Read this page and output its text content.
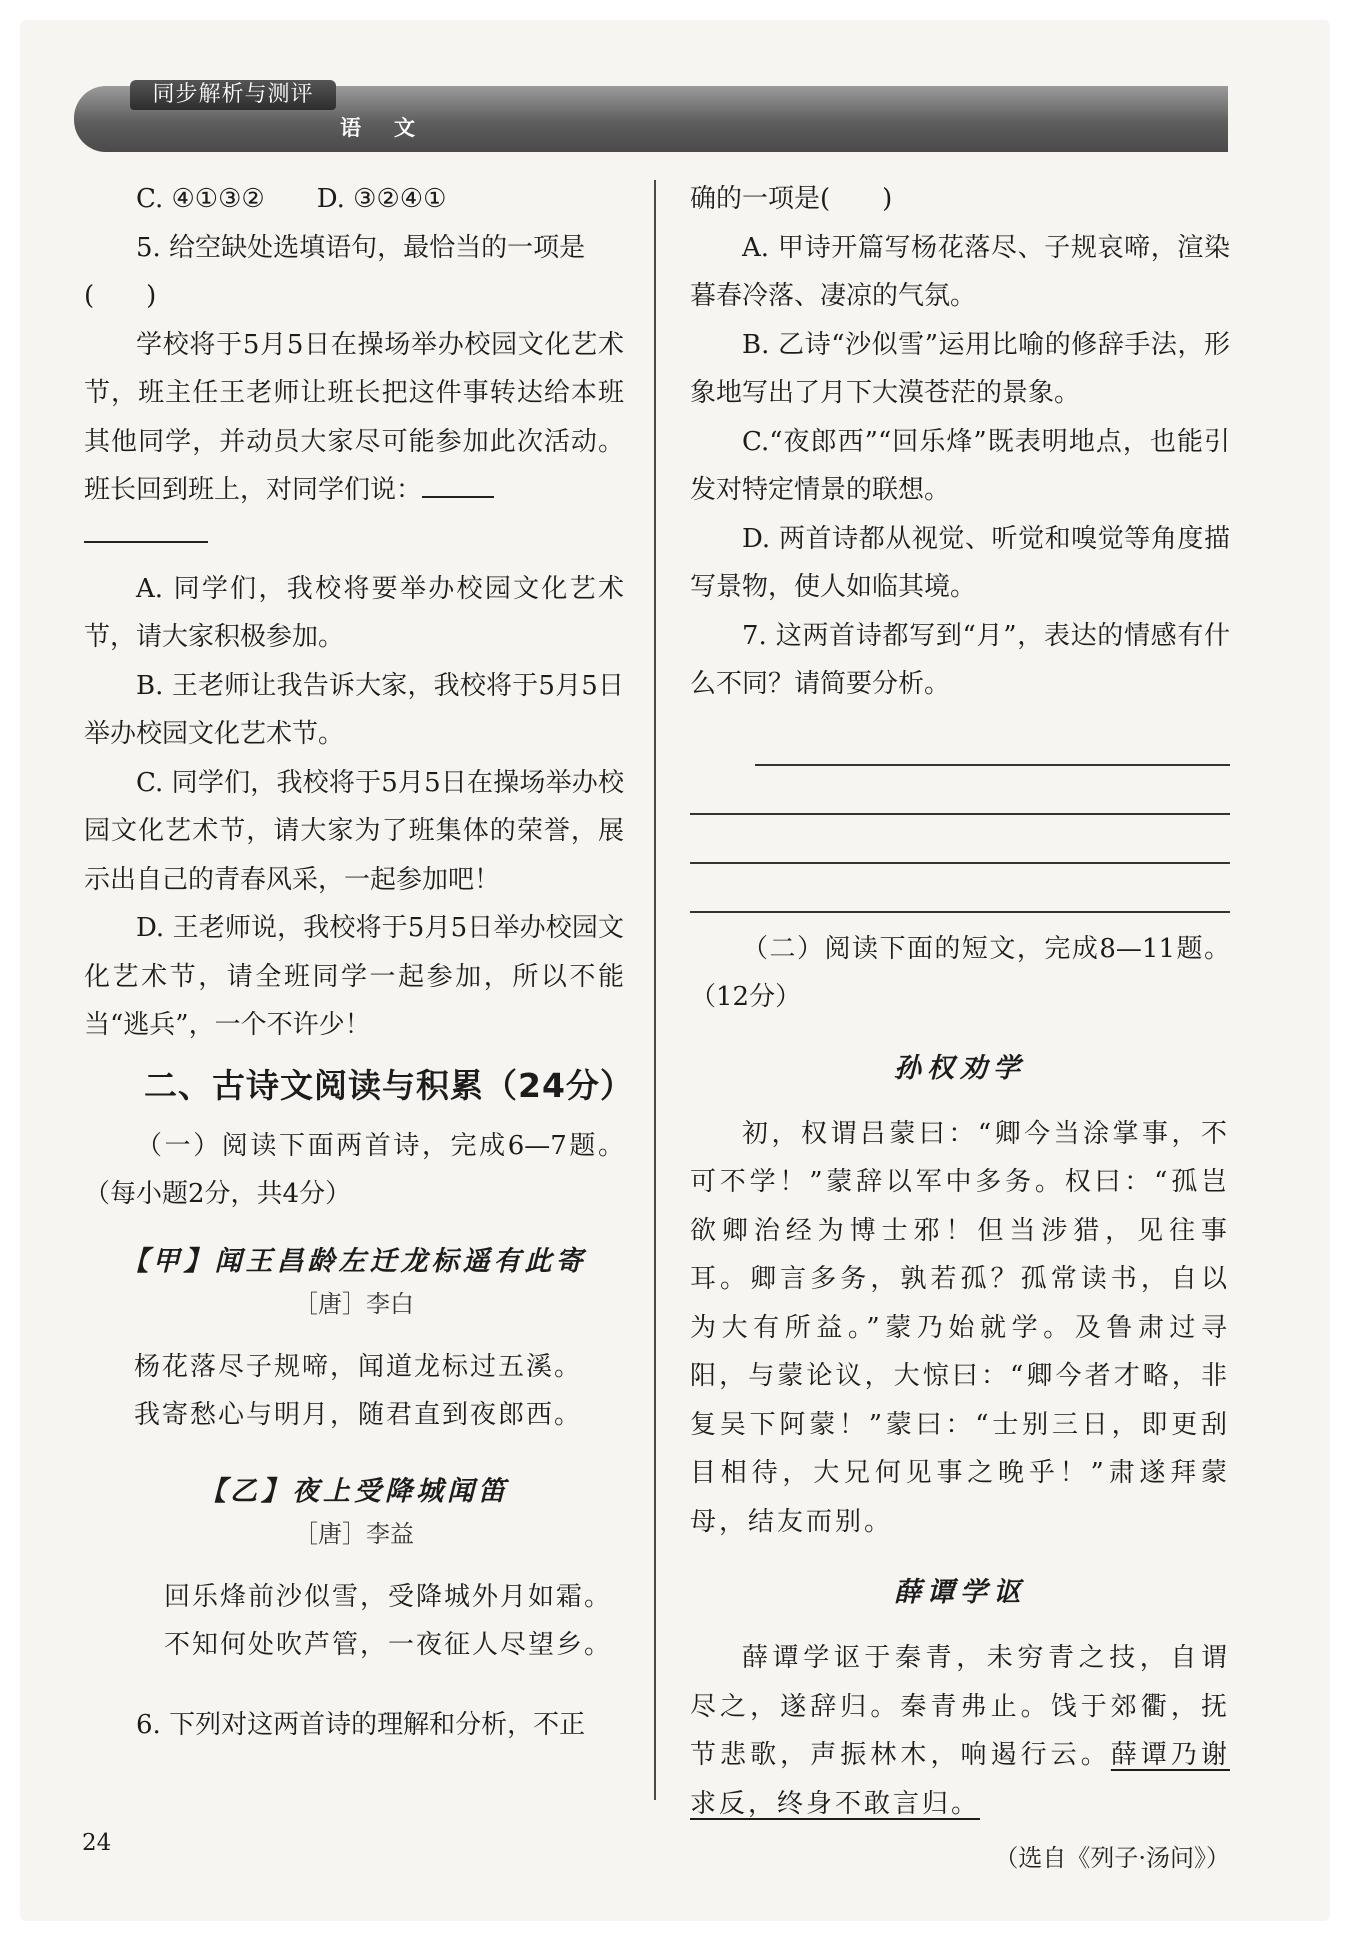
同步解析与测评
语　文

C. ④①③②　　D. ③②④①

5. 给空缺处选填语句，最恰当的一项是

(　　)

学校将于5月5日在操场举办校园文化艺术节，班主任王老师让班长把这件事转达给本班其他同学，并动员大家尽可能参加此次活动。班长回到班上，对同学们说：

A. 同学们，我校将要举办校园文化艺术节，请大家积极参加。

B. 王老师让我告诉大家，我校将于5月5日举办校园文化艺术节。

C. 同学们，我校将于5月5日在操场举办校园文化艺术节，请大家为了班集体的荣誉，展示出自己的青春风采，一起参加吧！

D. 王老师说，我校将于5月5日举办校园文化艺术节，请全班同学一起参加，所以不能当“逃兵”，一个不许少！

二、古诗文阅读与积累（24分）

（一）阅读下面两首诗，完成6—7题。（每小题2分，共4分）

【甲】闻王昌龄左迁龙标遥有此寄
［唐］李白
杨花落尽子规啼，闻道龙标过五溪。
我寄愁心与明月，随君直到夜郎西。
【乙】夜上受降城闻笛
［唐］李益
回乐烽前沙似雪，受降城外月如霜。
不知何处吹芦管，一夜征人尽望乡。

6. 下列对这两首诗的理解和分析，不正

确的一项是(　　)

A. 甲诗开篇写杨花落尽、子规哀啼，渲染暮春冷落、凄凉的气氛。

B. 乙诗“沙似雪”运用比喻的修辞手法，形象地写出了月下大漠苍茫的景象。

C.“夜郎西”“回乐烽”既表明地点，也能引发对特定情景的联想。

D. 两首诗都从视觉、听觉和嗅觉等角度描写景物，使人如临其境。

7. 这两首诗都写到“月”，表达的情感有什么不同？请简要分析。

（二）阅读下面的短文，完成8—11题。（12分）

孙权劝学

初，权谓吕蒙曰：“卿今当涂掌事，不可不学！”蒙辞以军中多务。权曰：“孤岂欲卿治经为博士邪！但当涉猎，见往事耳。卿言多务，孰若孤？孤常读书，自以为大有所益。”蒙乃始就学。及鲁肃过寻阳，与蒙论议，大惊曰：“卿今者才略，非复吴下阿蒙！”蒙曰：“士别三日，即更刮目相待，大兄何见事之晚乎！”肃遂拜蒙母，结友而别。

薛谭学讴

薛谭学讴于秦青，未穷青之技，自谓尽之，遂辞归。秦青弗止。饯于郊衢，抚节悲歌，声振林木，响遏行云。薛谭乃谢求反，终身不敢言归。

（选自《列子·汤问》）
24
